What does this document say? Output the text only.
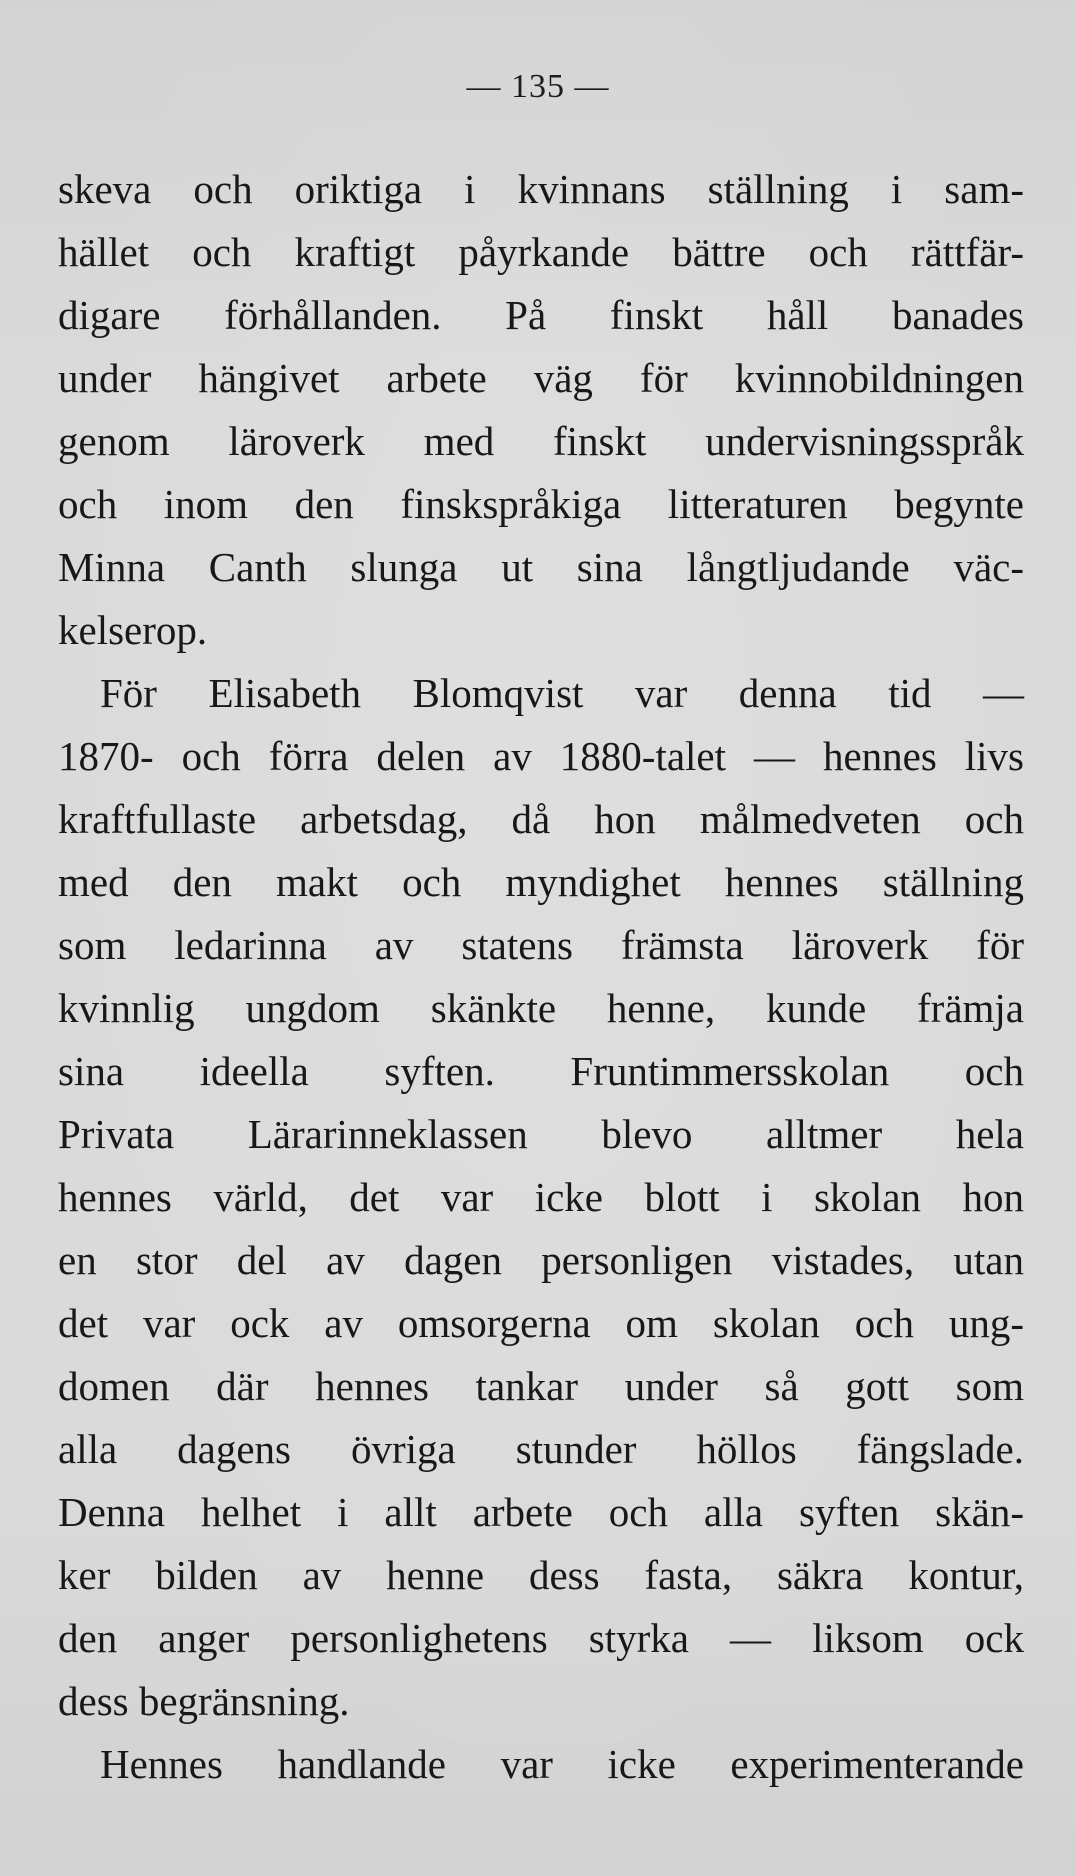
— 135 —
skeva och oriktiga i kvinnans ställning i sam-
hället och kraftigt påyrkande bättre och rättfär-
digare förhållanden. På finskt håll banades
under hängivet arbete väg för kvinnobildningen
genom läroverk med finskt undervisningsspråk
och inom den finskspråkiga litteraturen begynte
Minna Canth slunga ut sina långtljudande väc-
kelserop.
För Elisabeth Blomqvist var denna tid —
1870- och förra delen av 1880-talet — hennes livs
kraftfullaste arbetsdag, då hon målmedveten och
med den makt och myndighet hennes ställning
som ledarinna av statens främsta läroverk för
kvinnlig ungdom skänkte henne, kunde främja
sina ideella syften. Fruntimmersskolan och
Privata Lärarinneklassen blevo alltmer hela
hennes värld, det var icke blott i skolan hon
en stor del av dagen personligen vistades, utan
det var ock av omsorgerna om skolan och ung-
domen där hennes tankar under så gott som
alla dagens övriga stunder höllos fängslade.
Denna helhet i allt arbete och alla syften skän-
ker bilden av henne dess fasta, säkra kontur,
den anger personlighetens styrka — liksom ock
dess begränsning.
Hennes handlande var icke experimenterande
